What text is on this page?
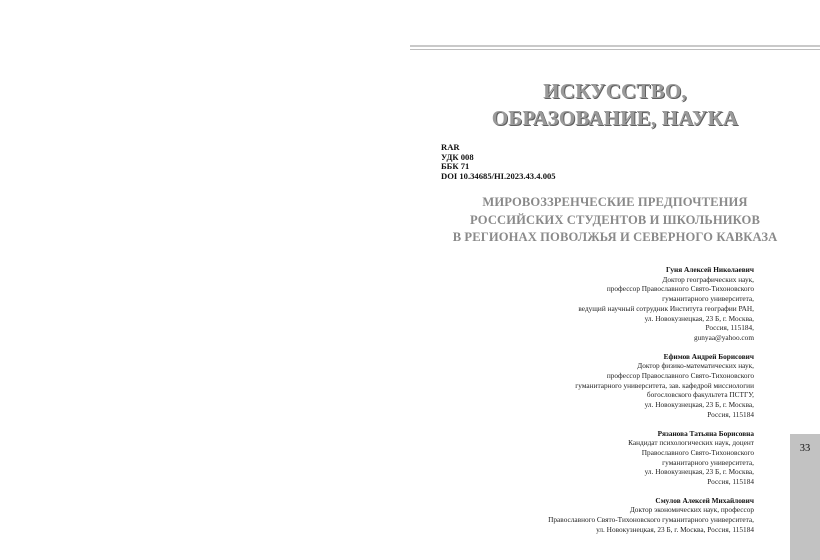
ИСКУССТВО,
ОБРАЗОВАНИЕ, НАУКА
RAR
УДК 008
ББК 71
DOI 10.34685/HI.2023.43.4.005
МИРОВОЗЗРЕНЧЕСКИЕ ПРЕДПОЧТЕНИЯ
РОССИЙСКИХ СТУДЕНТОВ И ШКОЛЬНИКОВ
В РЕГИОНАХ ПОВОЛЖЬЯ И СЕВЕРНОГО КАВКАЗА
Гуня Алексей Николаевич
Доктор географических наук,
профессор Православного Свято-Тихоновского
гуманитарного университета,
ведущий научный сотрудник Института географии РАН,
ул. Новокузнецкая, 23 Б, г. Москва,
Россия, 115184,
gunyaa@yahoo.com
Ефимов Андрей Борисович
Доктор физико-математических наук,
профессор Православного Свято-Тихоновского
гуманитарного университета, зав. кафедрой миссиологии
богословского факультета ПСТГУ,
ул. Новокузнецкая, 23 Б, г. Москва,
Россия, 115184
Рязанова Татьяна Борисовна
Кандидат психологических наук, доцент
Православного Свято-Тихоновского
гуманитарного университета,
ул. Новокузнецкая, 23 Б, г. Москва,
Россия, 115184
Смулов Алексей Михайлович
Доктор экономических наук, профессор
Православного Свято-Тихоновского гуманитарного университета,
ул. Новокузнецкая, 23 Б, г. Москва, Россия, 115184
33
